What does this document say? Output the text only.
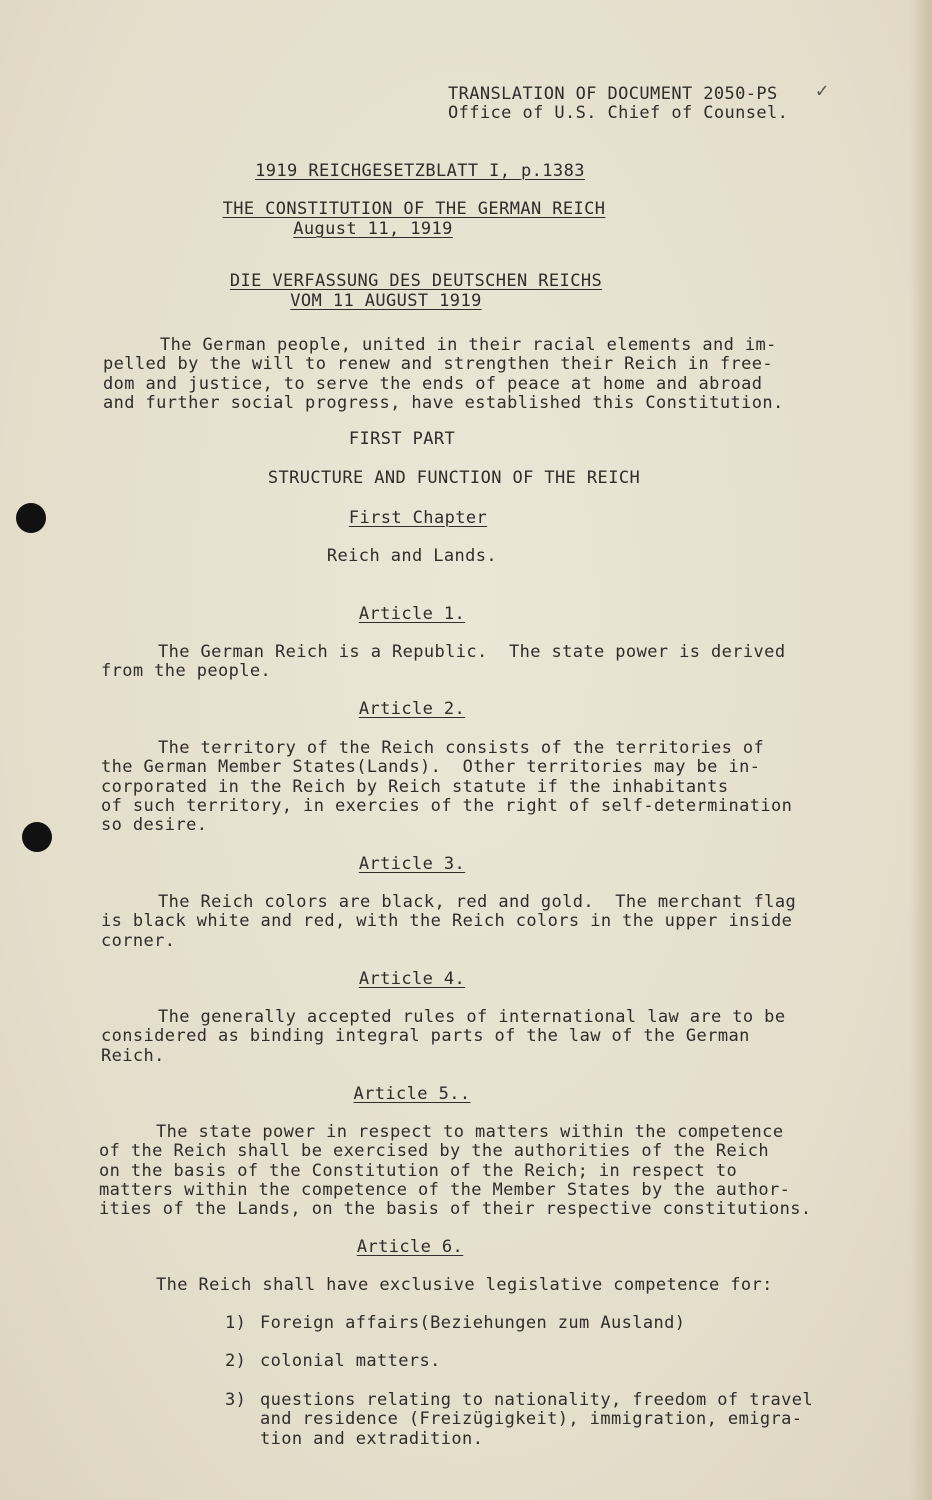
✓
TRANSLATION OF DOCUMENT 2050-PS
Office of U.S. Chief of Counsel.
1919 REICHGESETZBLATT I, p.1383
THE CONSTITUTION OF THE GERMAN REICH
August 11, 1919
DIE VERFASSUNG DES DEUTSCHEN REICHS
VOM 11 AUGUST 1919
The German people, united in their racial elements and im-
pelled by the will to renew and strengthen their Reich in free-
dom and justice, to serve the ends of peace at home and abroad
and further social progress, have established this Constitution.
FIRST PART
STRUCTURE AND FUNCTION OF THE REICH
First Chapter
Reich and Lands.
Article 1.
The German Reich is a Republic.  The state power is derived
from the people.
Article 2.
The territory of the Reich consists of the territories of
the German Member States(Lands).  Other territories may be in-
corporated in the Reich by Reich statute if the inhabitants
of such territory, in exercies of the right of self-determination
so desire.
Article 3.
The Reich colors are black, red and gold.  The merchant flag
is black white and red, with the Reich colors in the upper inside
corner.
Article 4.
The generally accepted rules of international law are to be
considered as binding integral parts of the law of the German
Reich.
Article 5..
The state power in respect to matters within the competence
of the Reich shall be exercised by the authorities of the Reich
on the basis of the Constitution of the Reich; in respect to
matters within the competence of the Member States by the author-
ities of the Lands, on the basis of their respective constitutions.
Article 6.
The Reich shall have exclusive legislative competence for:
1) Foreign affairs(Beziehungen zum Ausland)
2) colonial matters.
3) questions relating to nationality, freedom of travel
and residence (Freizügigkeit), immigration, emigra-
tion and extradition.
